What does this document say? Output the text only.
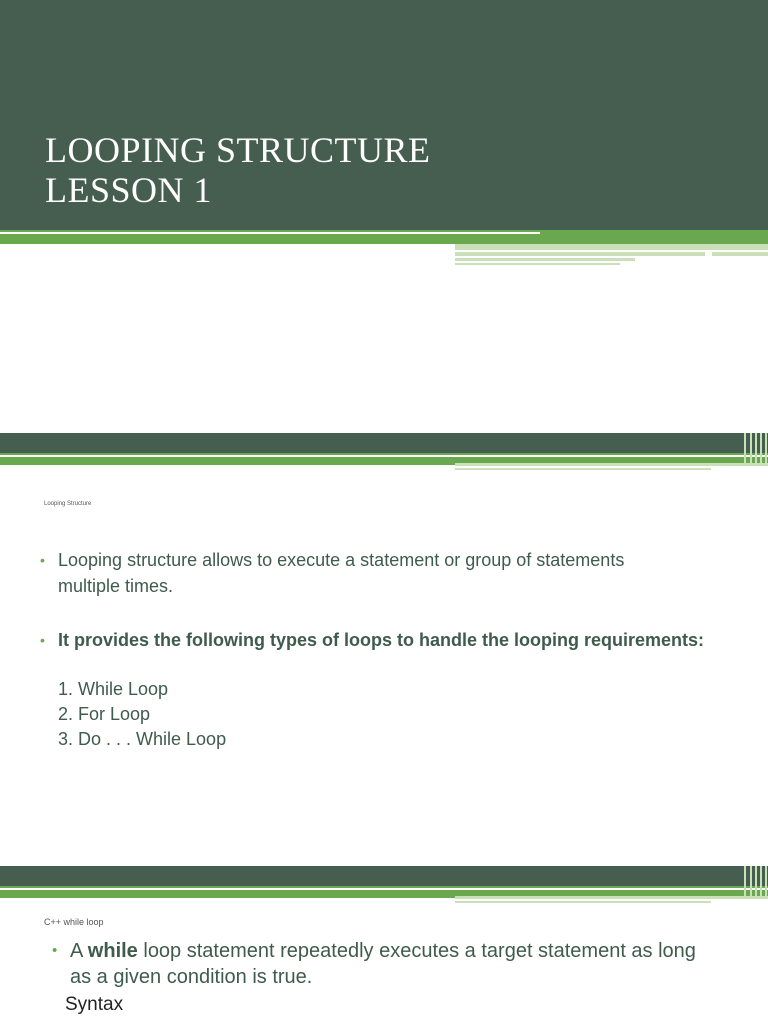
LOOPING STRUCTURE
LESSON 1
Looping Structure
• Looping structure allows to execute a statement or group of statements
multiple times.
• It provides the following types of loops to handle the looping requirements:
1. While Loop
2. For Loop
3. Do . . . While Loop
C++ while loop
• A while loop statement repeatedly executes a target statement as long
as a given condition is true.
Syntax
